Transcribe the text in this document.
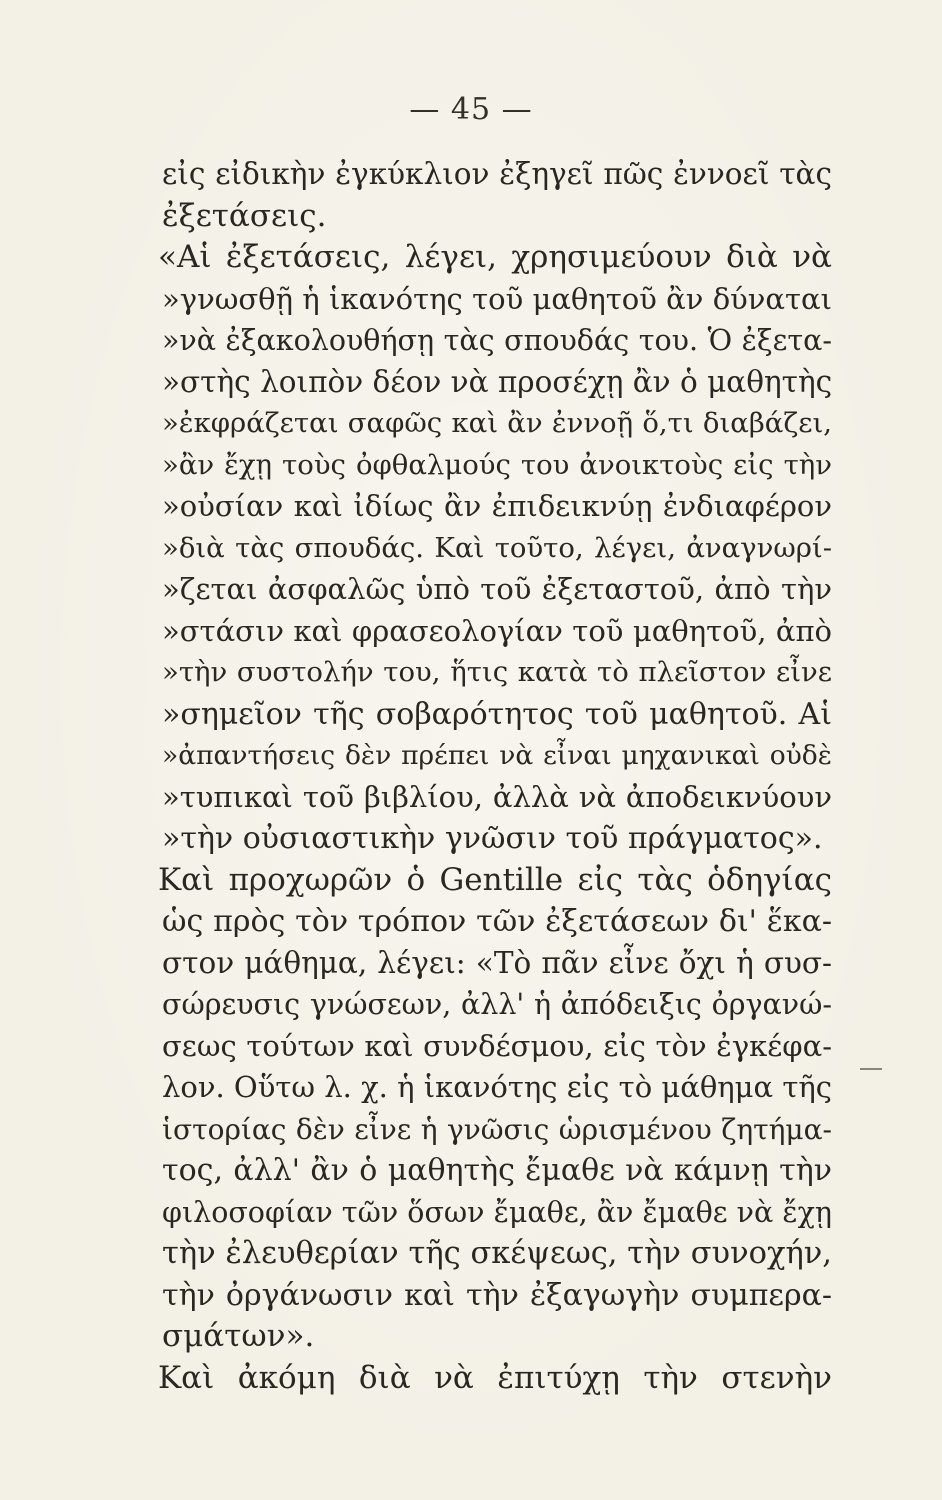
— 45 —
εἰς εἰδικὴν ἐγκύκλιον ἐξηγεῖ πῶς ἐννοεῖ τὰς
ἐξετάσεις.
«Αἱ ἐξετάσεις, λέγει, χρησιμεύουν διὰ νὰ
»γνωσθῇ ἡ ἱκανότης τοῦ μαθητοῦ ἂν δύναται
»νὰ ἐξακολουθήσῃ τὰς σπουδάς του. Ὁ ἐξετα-
»στὴς λοιπὸν δέον νὰ προσέχῃ ἂν ὁ μαθητὴς
»ἐκφράζεται σαφῶς καὶ ἂν ἐννοῇ ὅ,τι διαβάζει,
»ἂν ἔχῃ τοὺς ὀφθαλμούς του ἀνοικτοὺς εἰς τὴν
»οὐσίαν καὶ ἰδίως ἂν ἐπιδεικνύῃ ἐνδιαφέρον
»διὰ τὰς σπουδάς. Καὶ τοῦτο, λέγει, ἀναγνωρί-
»ζεται ἀσφαλῶς ὑπὸ τοῦ ἐξεταστοῦ, ἀπὸ τὴν
»στάσιν καὶ φρασεολογίαν τοῦ μαθητοῦ, ἀπὸ
»τὴν συστολήν του, ἥτις κατὰ τὸ πλεῖστον εἶνε
»σημεῖον τῆς σοβαρότητος τοῦ μαθητοῦ. Αἱ
»ἀπαντήσεις δὲν πρέπει νὰ εἶναι μηχανικαὶ οὐδὲ
»τυπικαὶ τοῦ βιβλίου, ἀλλὰ νὰ ἀποδεικνύουν
»τὴν οὐσιαστικὴν γνῶσιν τοῦ πράγματος».
Καὶ προχωρῶν ὁ Gentille εἰς τὰς ὁδηγίας
ὡς πρὸς τὸν τρόπον τῶν ἐξετάσεων δι' ἕκα-
στον μάθημα, λέγει: «Τὸ πᾶν εἶνε ὄχι ἡ συσ-
σώρευσις γνώσεων, ἀλλ' ἡ ἀπόδειξις ὀργανώ-
σεως τούτων καὶ συνδέσμου, εἰς τὸν ἐγκέφα-
λον. Οὕτω λ. χ. ἡ ἱκανότης εἰς τὸ μάθημα τῆς
ἱστορίας δὲν εἶνε ἡ γνῶσις ὡρισμένου ζητήμα-
τος, ἀλλ' ἂν ὁ μαθητὴς ἔμαθε νὰ κάμνῃ τὴν
φιλοσοφίαν τῶν ὅσων ἔμαθε, ἂν ἔμαθε νὰ ἔχῃ
τὴν ἐλευθερίαν τῆς σκέψεως, τὴν συνοχήν,
τὴν ὀργάνωσιν καὶ τὴν ἐξαγωγὴν συμπερα-
σμάτων».
Καὶ ἀκόμη διὰ νὰ ἐπιτύχῃ τὴν στενὴν
